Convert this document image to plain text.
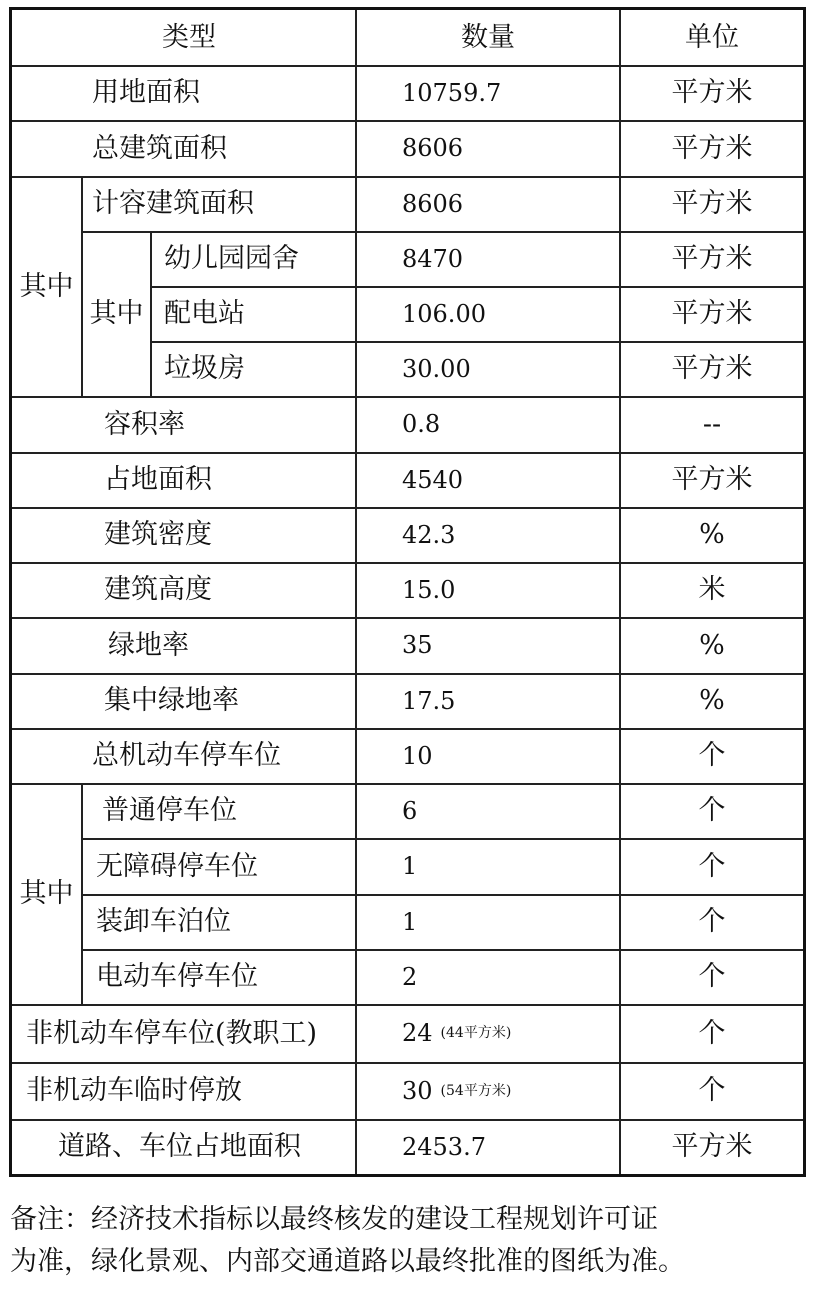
类型	数量	单位
其中
其中
其中
用地面积
总建筑面积
计容建筑面积
幼儿园园舍
配电站
垃圾房
容积率
占地面积
建筑密度
建筑高度
绿地率
集中绿地率
总机动车停车位
普通停车位
无障碍停车位
装卸车泊位
电动车停车位
非机动车停车位(教职工)
非机动车临时停放
道路、车位占地面积
10759.7
8606
8606
8470
106.00
30.00
0.8
4540
42.3
15.0
35
17.5
10
6
1
1
2
24 (44平方米)
30 (54平方米)
2453.7
平方米
平方米
平方米
平方米
平方米
平方米
--
平方米
%
米
%
%
个
个
个
个
个
个
个
平方米
备注：经济技术指标以最终核发的建设工程规划许可证
为准，绿化景观、内部交通道路以最终批准的图纸为准。
